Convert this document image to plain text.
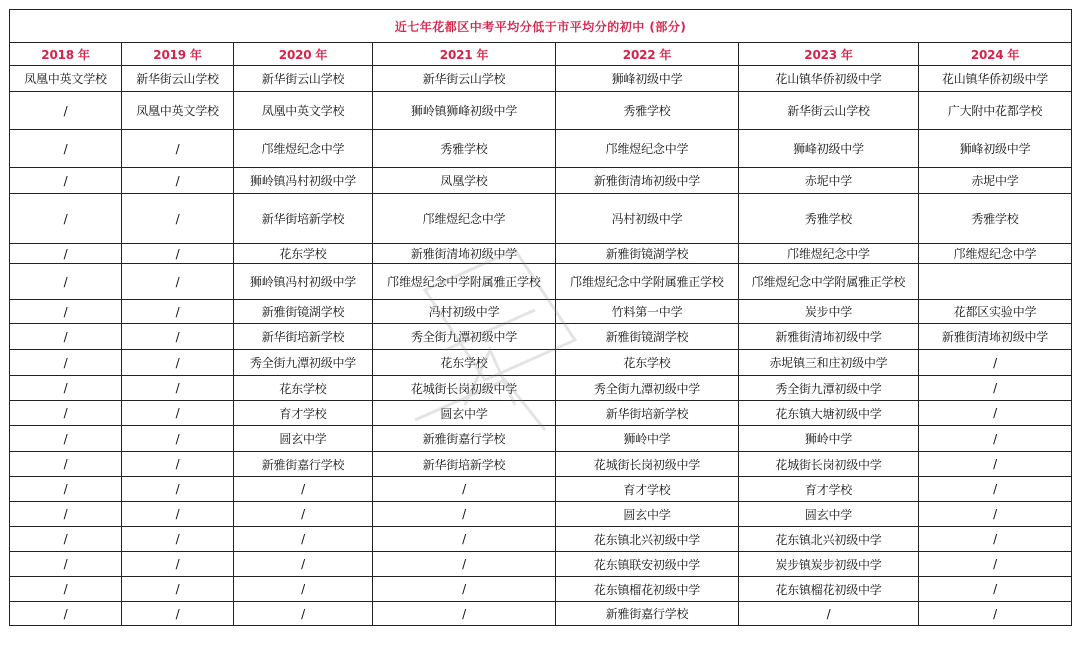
近七年花都区中考平均分低于市平均分的初中 (部分)						
2018 年	2019 年	2020 年	2021 年	2022 年	2023 年	2024 年
凤凰中英文学校	新华街云山学校	新华街云山学校	新华街云山学校	狮峰初级中学	花山镇华侨初级中学	花山镇华侨初级中学
/	凤凰中英文学校	凤凰中英文学校	狮岭镇狮峰初级中学	秀雅学校	新华街云山学校	广大附中花都学校
/	/	邝维煜纪念中学	秀雅学校	邝维煜纪念中学	狮峰初级中学	狮峰初级中学
/	/	狮岭镇冯村初级中学	凤凰学校	新雅街清㘵初级中学	赤坭中学	赤坭中学
/	/	新华街培新学校	邝维煜纪念中学	冯村初级中学	秀雅学校	秀雅学校
/	/	花东学校	新雅街清㘵初级中学	新雅街镜湖学校	邝维煜纪念中学	邝维煜纪念中学
/	/	狮岭镇冯村初级中学	邝维煜纪念中学附属雅正学校	邝维煜纪念中学附属雅正学校	邝维煜纪念中学附属雅正学校	
/	/	新雅街镜湖学校	冯村初级中学	竹料第一中学	炭步中学	花都区实验中学
/	/	新华街培新学校	秀全街九潭初级中学	新雅街镜湖学校	新雅街清㘵初级中学	新雅街清㘵初级中学
/	/	秀全街九潭初级中学	花东学校	花东学校	赤坭镇三和庄初级中学	/
/	/	花东学校	花城街长岗初级中学	秀全街九潭初级中学	秀全街九潭初级中学	/
/	/	育才学校	圆玄中学	新华街培新学校	花东镇大塘初级中学	/
/	/	圆玄中学	新雅街嘉行学校	狮岭中学	狮岭中学	/
/	/	新雅街嘉行学校	新华街培新学校	花城街长岗初级中学	花城街长岗初级中学	/
/	/	/	/	育才学校	育才学校	/
/	/	/	/	圆玄中学	圆玄中学	/
/	/	/	/	花东镇北兴初级中学	花东镇北兴初级中学	/
/	/	/	/	花东镇联安初级中学	炭步镇炭步初级中学	/
/	/	/	/	花东镇榴花初级中学	花东镇榴花初级中学	/
/	/	/	/	新雅街嘉行学校	/	/
